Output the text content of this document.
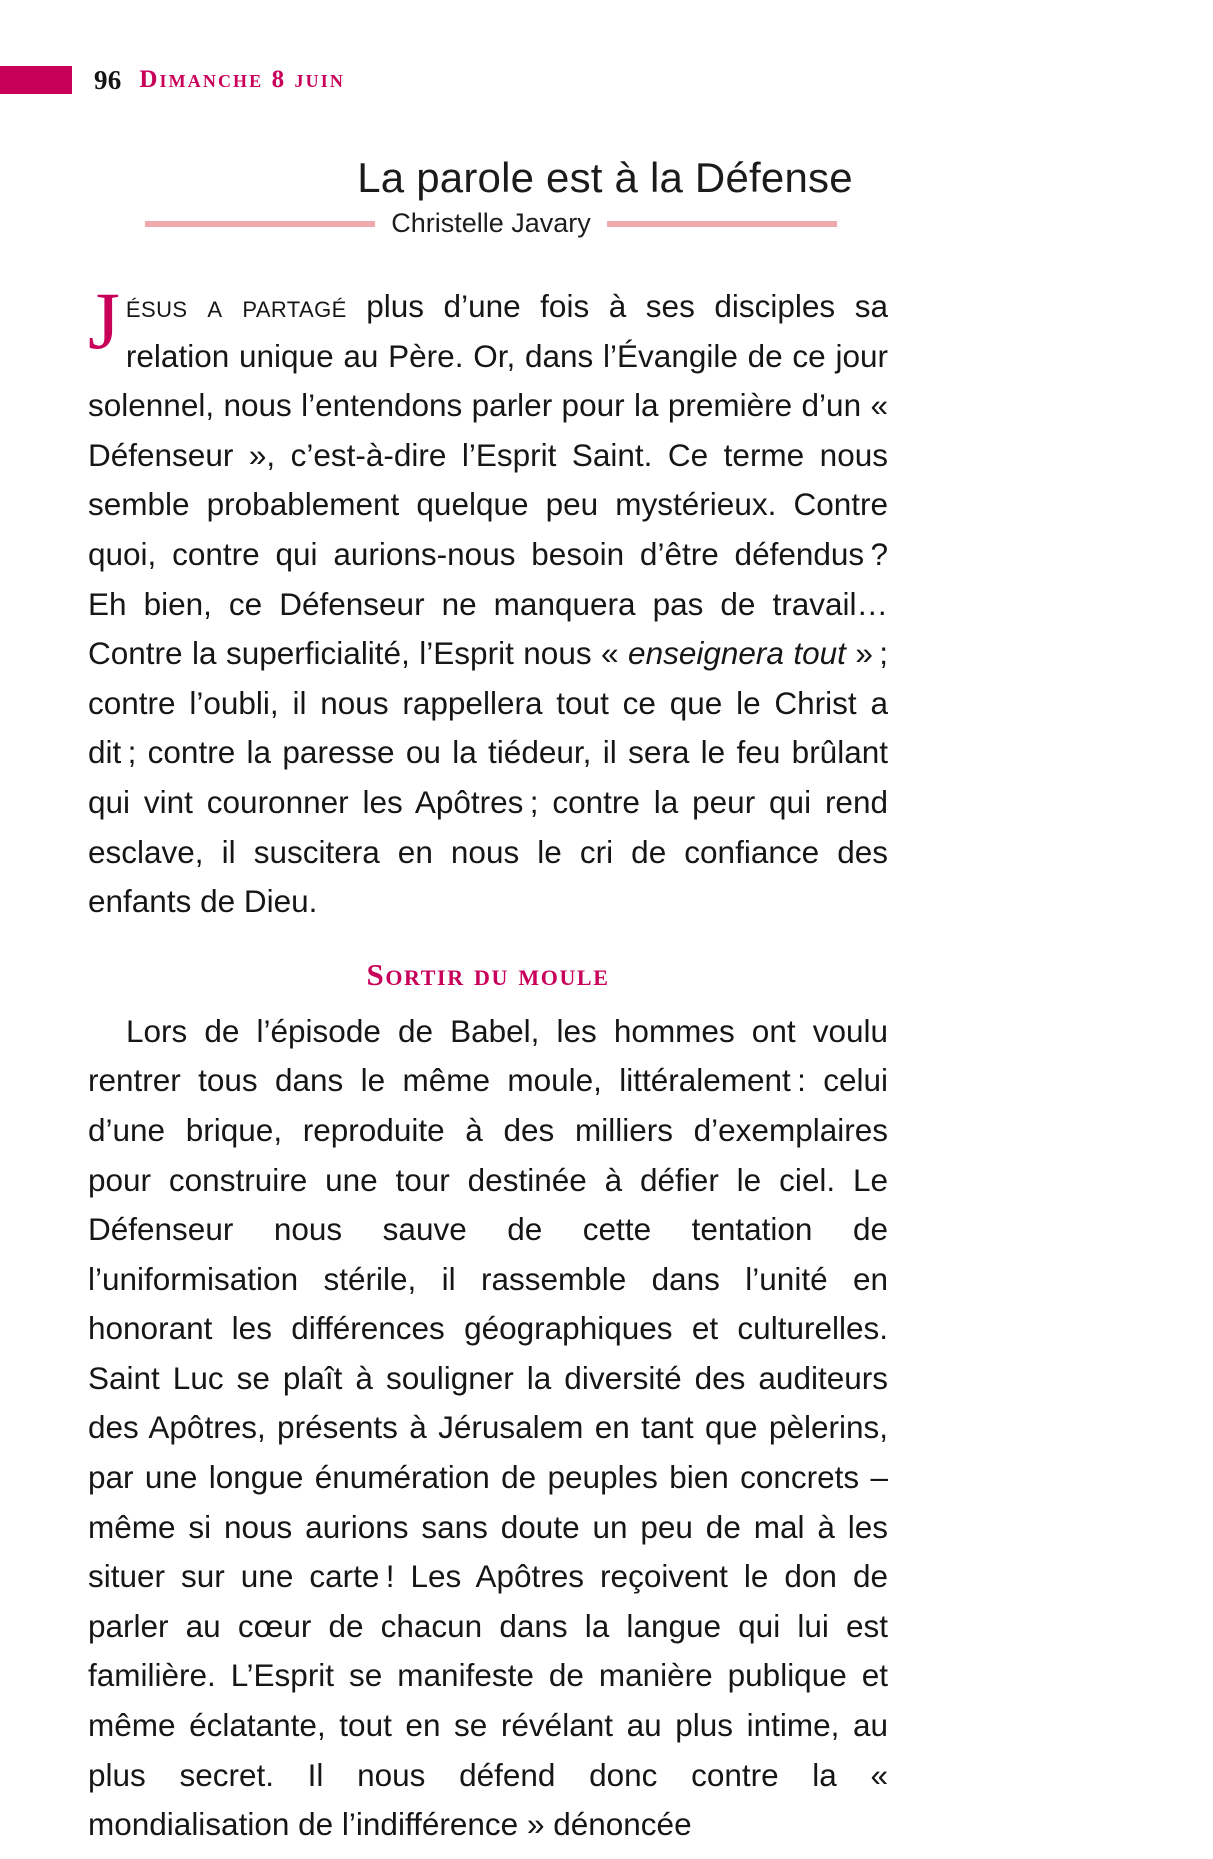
96 Dimanche 8 juin
La parole est à la Défense
Christelle Javary

Jésus a partagé plus d’une fois à ses disciples sa relation unique au Père. Or, dans l’Évangile de ce jour solennel, nous l’entendons parler pour la première d’un « Défenseur », c’est-à-dire l’Esprit Saint. Ce terme nous semble probablement quelque peu mystérieux. Contre quoi, contre qui aurions-nous besoin d’être défendus ? Eh bien, ce Défenseur ne manquera pas de travail… Contre la superficialité, l’Esprit nous « enseignera tout » ; contre l’oubli, il nous rappellera tout ce que le Christ a dit ; contre la paresse ou la tiédeur, il sera le feu brûlant qui vint couronner les Apôtres ; contre la peur qui rend esclave, il suscitera en nous le cri de confiance des enfants de Dieu.

Sortir du moule

Lors de l’épisode de Babel, les hommes ont voulu rentrer tous dans le même moule, littéralement : celui d’une brique, reproduite à des milliers d’exemplaires pour construire une tour destinée à défier le ciel. Le Défenseur nous sauve de cette tentation de l’uniformisation stérile, il rassemble dans l’unité en honorant les différences géographiques et culturelles. Saint Luc se plaît à souligner la diversité des auditeurs des Apôtres, présents à Jérusalem en tant que pèlerins, par une longue énumération de peuples bien concrets – même si nous aurions sans doute un peu de mal à les situer sur une carte ! Les Apôtres reçoivent le don de parler au cœur de chacun dans la langue qui lui est familière. L’Esprit se manifeste de manière publique et même éclatante, tout en se révélant au plus intime, au plus secret. Il nous défend donc contre la « mondialisation de l’indifférence » dénoncée
